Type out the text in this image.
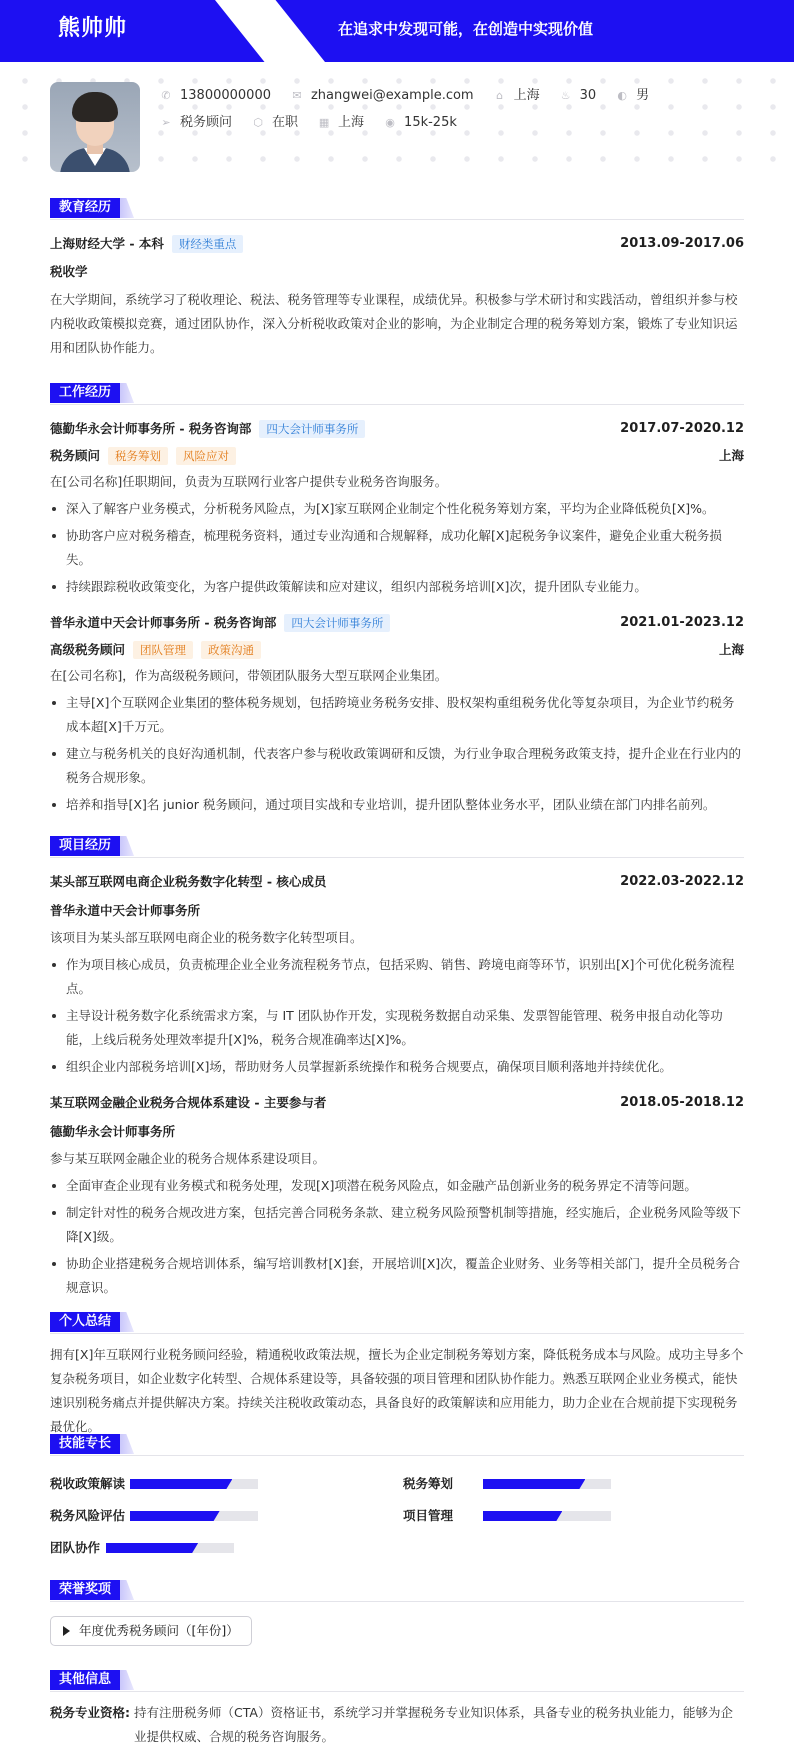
熊帅帅	在追求中发现可能，在创造中实现价值
✆ 13800000000 ✉ zhangwei@example.com ⌂ 上海 ♨ 30 ◐ 男
➢ 税务顾问 ⬡ 在职 ▦ 上海 ◉ 15k-25k
教育经历
上海财经大学 - 本科 财经类重点	2013.09-2017.06
税收学

在大学期间，系统学习了税收理论、税法、税务管理等专业课程，成绩优异。积极参与学术研讨和实践活动，曾组织并参与校内税收政策模拟竞赛，通过团队协作，深入分析税收政策对企业的影响，为企业制定合理的税务筹划方案，锻炼了专业知识运用和团队协作能力。

工作经历
德勤华永会计师事务所 - 税务咨询部 四大会计师事务所	2017.07-2020.12
税务顾问 税务筹划 风险应对	上海

在[公司名称]任职期间，负责为互联网行业客户提供专业税务咨询服务。

深入了解客户业务模式，分析税务风险点，为[X]家互联网企业制定个性化税务筹划方案，平均为企业降低税负[X]%。
协助客户应对税务稽查，梳理税务资料，通过专业沟通和合规解释，成功化解[X]起税务争议案件，避免企业重大税务损失。
持续跟踪税收政策变化，为客户提供政策解读和应对建议，组织内部税务培训[X]次，提升团队专业能力。
普华永道中天会计师事务所 - 税务咨询部 四大会计师事务所	2021.01-2023.12
高级税务顾问 团队管理 政策沟通	上海

在[公司名称]，作为高级税务顾问，带领团队服务大型互联网企业集团。

主导[X]个互联网企业集团的整体税务规划，包括跨境业务税务安排、股权架构重组税务优化等复杂项目，为企业节约税务成本超[X]千万元。
建立与税务机关的良好沟通机制，代表客户参与税收政策调研和反馈，为行业争取合理税务政策支持，提升企业在行业内的税务合规形象。
培养和指导[X]名 junior 税务顾问，通过项目实战和专业培训，提升团队整体业务水平，团队业绩在部门内排名前列。
项目经历
某头部互联网电商企业税务数字化转型 - 核心成员	2022.03-2022.12
普华永道中天会计师事务所

该项目为某头部互联网电商企业的税务数字化转型项目。

作为项目核心成员，负责梳理企业全业务流程税务节点，包括采购、销售、跨境电商等环节，识别出[X]个可优化税务流程点。
主导设计税务数字化系统需求方案，与 IT 团队协作开发，实现税务数据自动采集、发票智能管理、税务申报自动化等功能，上线后税务处理效率提升[X]%，税务合规准确率达[X]%。
组织企业内部税务培训[X]场，帮助财务人员掌握新系统操作和税务合规要点，确保项目顺利落地并持续优化。
某互联网金融企业税务合规体系建设 - 主要参与者	2018.05-2018.12
德勤华永会计师事务所

参与某互联网金融企业的税务合规体系建设项目。

全面审查企业现有业务模式和税务处理，发现[X]项潜在税务风险点，如金融产品创新业务的税务界定不清等问题。
制定针对性的税务合规改进方案，包括完善合同税务条款、建立税务风险预警机制等措施，经实施后，企业税务风险等级下降[X]级。
协助企业搭建税务合规培训体系，编写培训教材[X]套，开展培训[X]次，覆盖企业财务、业务等相关部门，提升全员税务合规意识。
个人总结

拥有[X]年互联网行业税务顾问经验，精通税收政策法规，擅长为企业定制税务筹划方案，降低税务成本与风险。成功主导多个复杂税务项目，如企业数字化转型、合规体系建设等，具备较强的项目管理和团队协作能力。熟悉互联网企业业务模式，能快速识别税务痛点并提供解决方案。持续关注税收政策动态，具备良好的政策解读和应用能力，助力企业在合规前提下实现税务最优化。

技能专长
税收政策解读	税务筹划
税务风险评估	项目管理
团队协作
荣誉奖项
年度优秀税务顾问（[年份]）
其他信息
税务专业资格: 持有注册税务师（CTA）资格证书，系统学习并掌握税务专业知识体系，具备专业的税务执业能力，能够为企业提供权威、合规的税务咨询服务。
